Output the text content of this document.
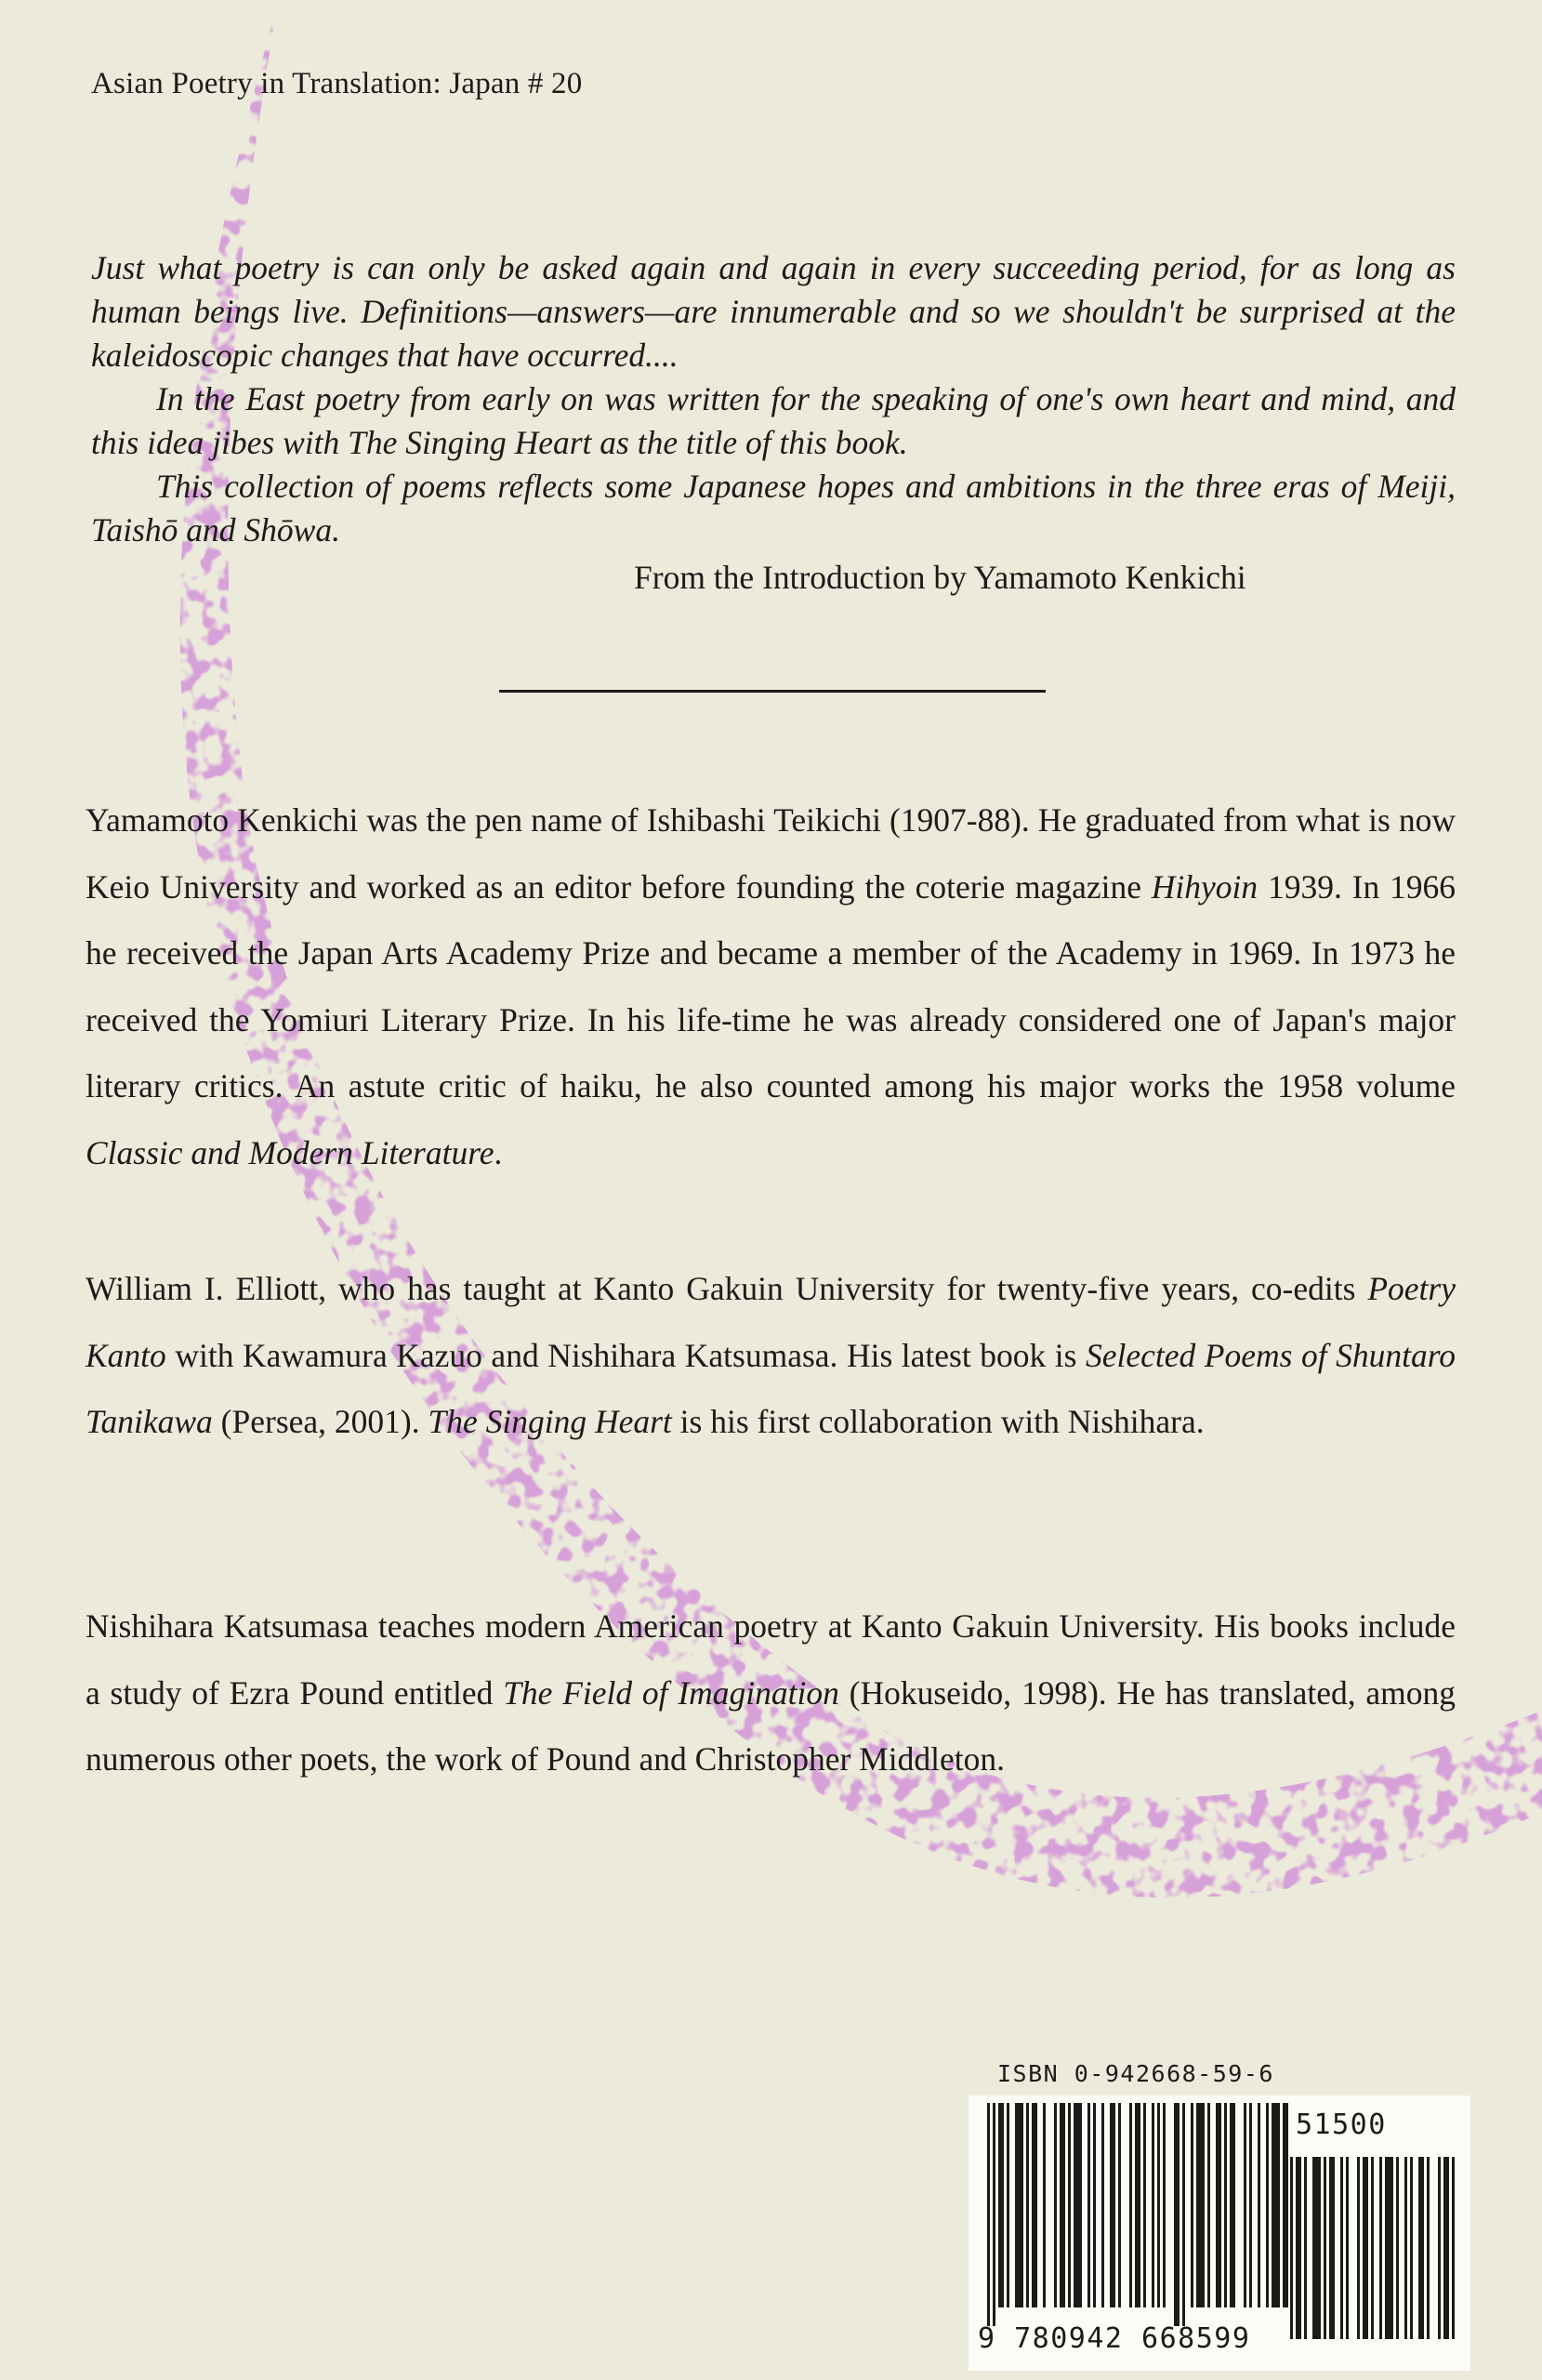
Asian Poetry in Translation: Japan # 20

Just what poetry is can only be asked again and again in every succeeding period, for as long as human beings live. Definitions—answers—are innumerable and so we shouldn't be surprised at the kaleidoscopic changes that have occurred....

In the East poetry from early on was written for the speaking of one's own heart and mind, and this idea jibes with The Singing Heart as the title of this book.

This collection of poems reflects some Japanese hopes and ambitions in the three eras of Meiji, Taishō and Shōwa.

From the Introduction by Yamamoto Kenkichi

Yamamoto Kenkichi was the pen name of Ishibashi Teikichi (1907-88). He graduated from what is now Keio University and worked as an editor before founding the coterie magazine Hihyoin 1939. In 1966 he received the Japan Arts Academy Prize and became a member of the Academy in 1969. In 1973 he received the Yomiuri Literary Prize. In his life-time he was already considered one of Japan's major literary critics. An astute critic of haiku, he also counted among his major works the 1958 volume Classic and Modern Literature.

William I. Elliott, who has taught at Kanto Gakuin University for twenty-five years, co-edits Poetry Kanto with Kawamura Kazuo and Nishihara Katsumasa. His latest book is Selected Poems of Shuntaro Tanikawa (Persea, 2001). The Singing Heart is his first collaboration with Nishihara.

Nishihara Katsumasa teaches modern American poetry at Kanto Gakuin University. His books include a study of Ezra Pound entitled The Field of Imagination (Hokuseido, 1998). He has translated, among numerous other poets, the work of Pound and Christopher Middleton.

ISBN 0-942668-59-6
51500
9 780942 668599
